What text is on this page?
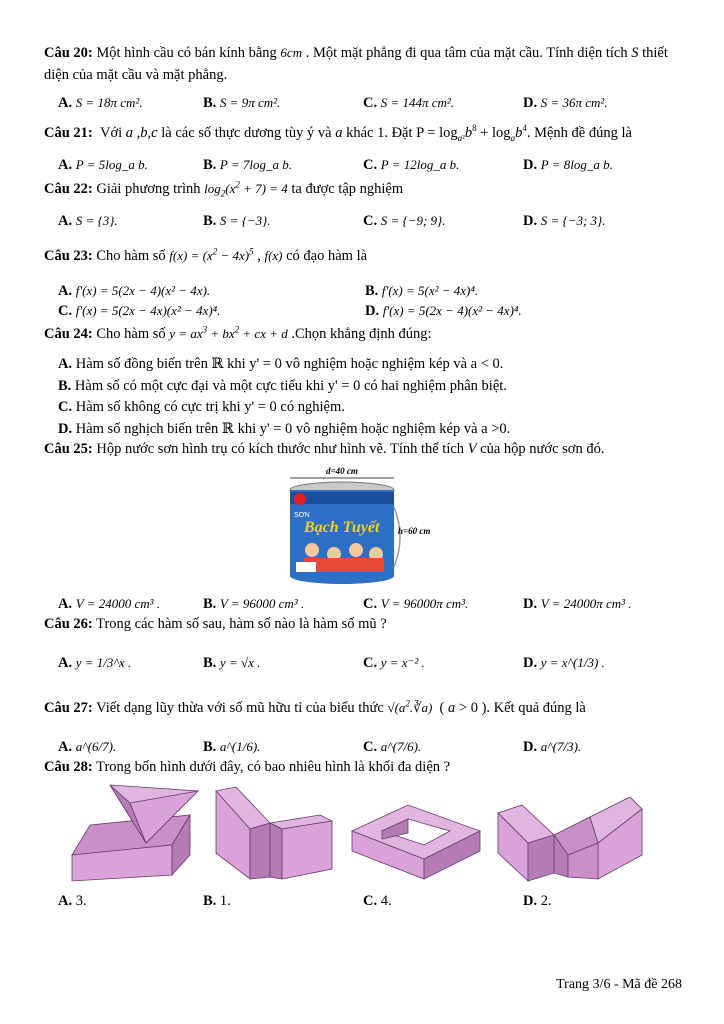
Câu 20: Một hình cầu có bán kính bằng 6cm . Một mặt phẳng đi qua tâm của mặt cầu. Tính diện tích S thiết diện của mặt cầu và mặt phẳng.
A. S = 18π cm².	B. S = 9π cm².	C. S = 144π cm².	D. S = 36π cm².
Câu 21:  Với a ,b,c là các số thực dương tùy ý và a khác 1. Đặt $P = \log_{a^2}b^8 + \log_ab^4$. Mệnh đề đúng là
A. P = 5log_a b.	B. P = 7log_a b.	C. P = 12log_a b.	D. P = 8log_a b.
Câu 22: Giải phương trình $\log_2(x^2 + 7) = 4$ ta được tập nghiệm
A. S = {3}.	B. S = {−3}.	C. S = {−9; 9}.	D. S = {−3; 3}.
Câu 23: Cho hàm số $f(x) = (x^2 - 4x)^5$ , f(x) có đạo hàm là
A. f'(x) = 5(2x − 4)(x² − 4x).	B. f'(x) = 5(x² − 4x)⁴.
C. f'(x) = 5(2x − 4x)(x² − 4x)⁴.	D. f'(x) = 5(2x − 4)(x² − 4x)⁴.
Câu 24: Cho hàm số $y = ax^3 + bx^2$ + cx + d .Chọn khẳng định đúng:
A. Hàm số đồng biến trên ℝ khi y' = 0 vô nghiệm hoặc nghiệm kép và a < 0.
B. Hàm số có một cực đại và một cực tiểu khi y' = 0 có hai nghiệm phân biệt.
C. Hàm số không có cực trị khi y' = 0 có nghiệm.
D. Hàm số nghịch biến trên ℝ khi y' = 0 vô nghiệm hoặc nghiệm kép và a >0.
Câu 25: Hộp nước sơn hình trụ có kích thước như hình vẽ. Tính thể tích V của hộp nước sơn đó.
d=40 cm
SƠN
Bạch Tuyết h=60 cm
A. V = 24000 cm³ .	B. V = 96000 cm³ .	C. V = 96000π cm³.	D. V = 24000π cm³ .
Câu 26: Trong các hàm số sau, hàm số nào là hàm số mũ ?
A. y = 1/3^x .	B. y = √x .	C. y = x⁻² .	D. y = x^(1/3) .
Câu 27: Viết dạng lũy thừa với số mũ hữu tỉ của biểu thức $√(a^2.∛a)$  ( a > 0 ). Kết quả đúng là
A. a^(6/7).	B. a^(1/6).	C. a^(7/6).	D. a^(7/3).
Câu 28: Trong bốn hình dưới đây, có bao nhiêu hình là khối đa diện ?
A. 3.	B. 1.	C. 4.	D. 2.
Trang 3/6 - Mã đề 268
